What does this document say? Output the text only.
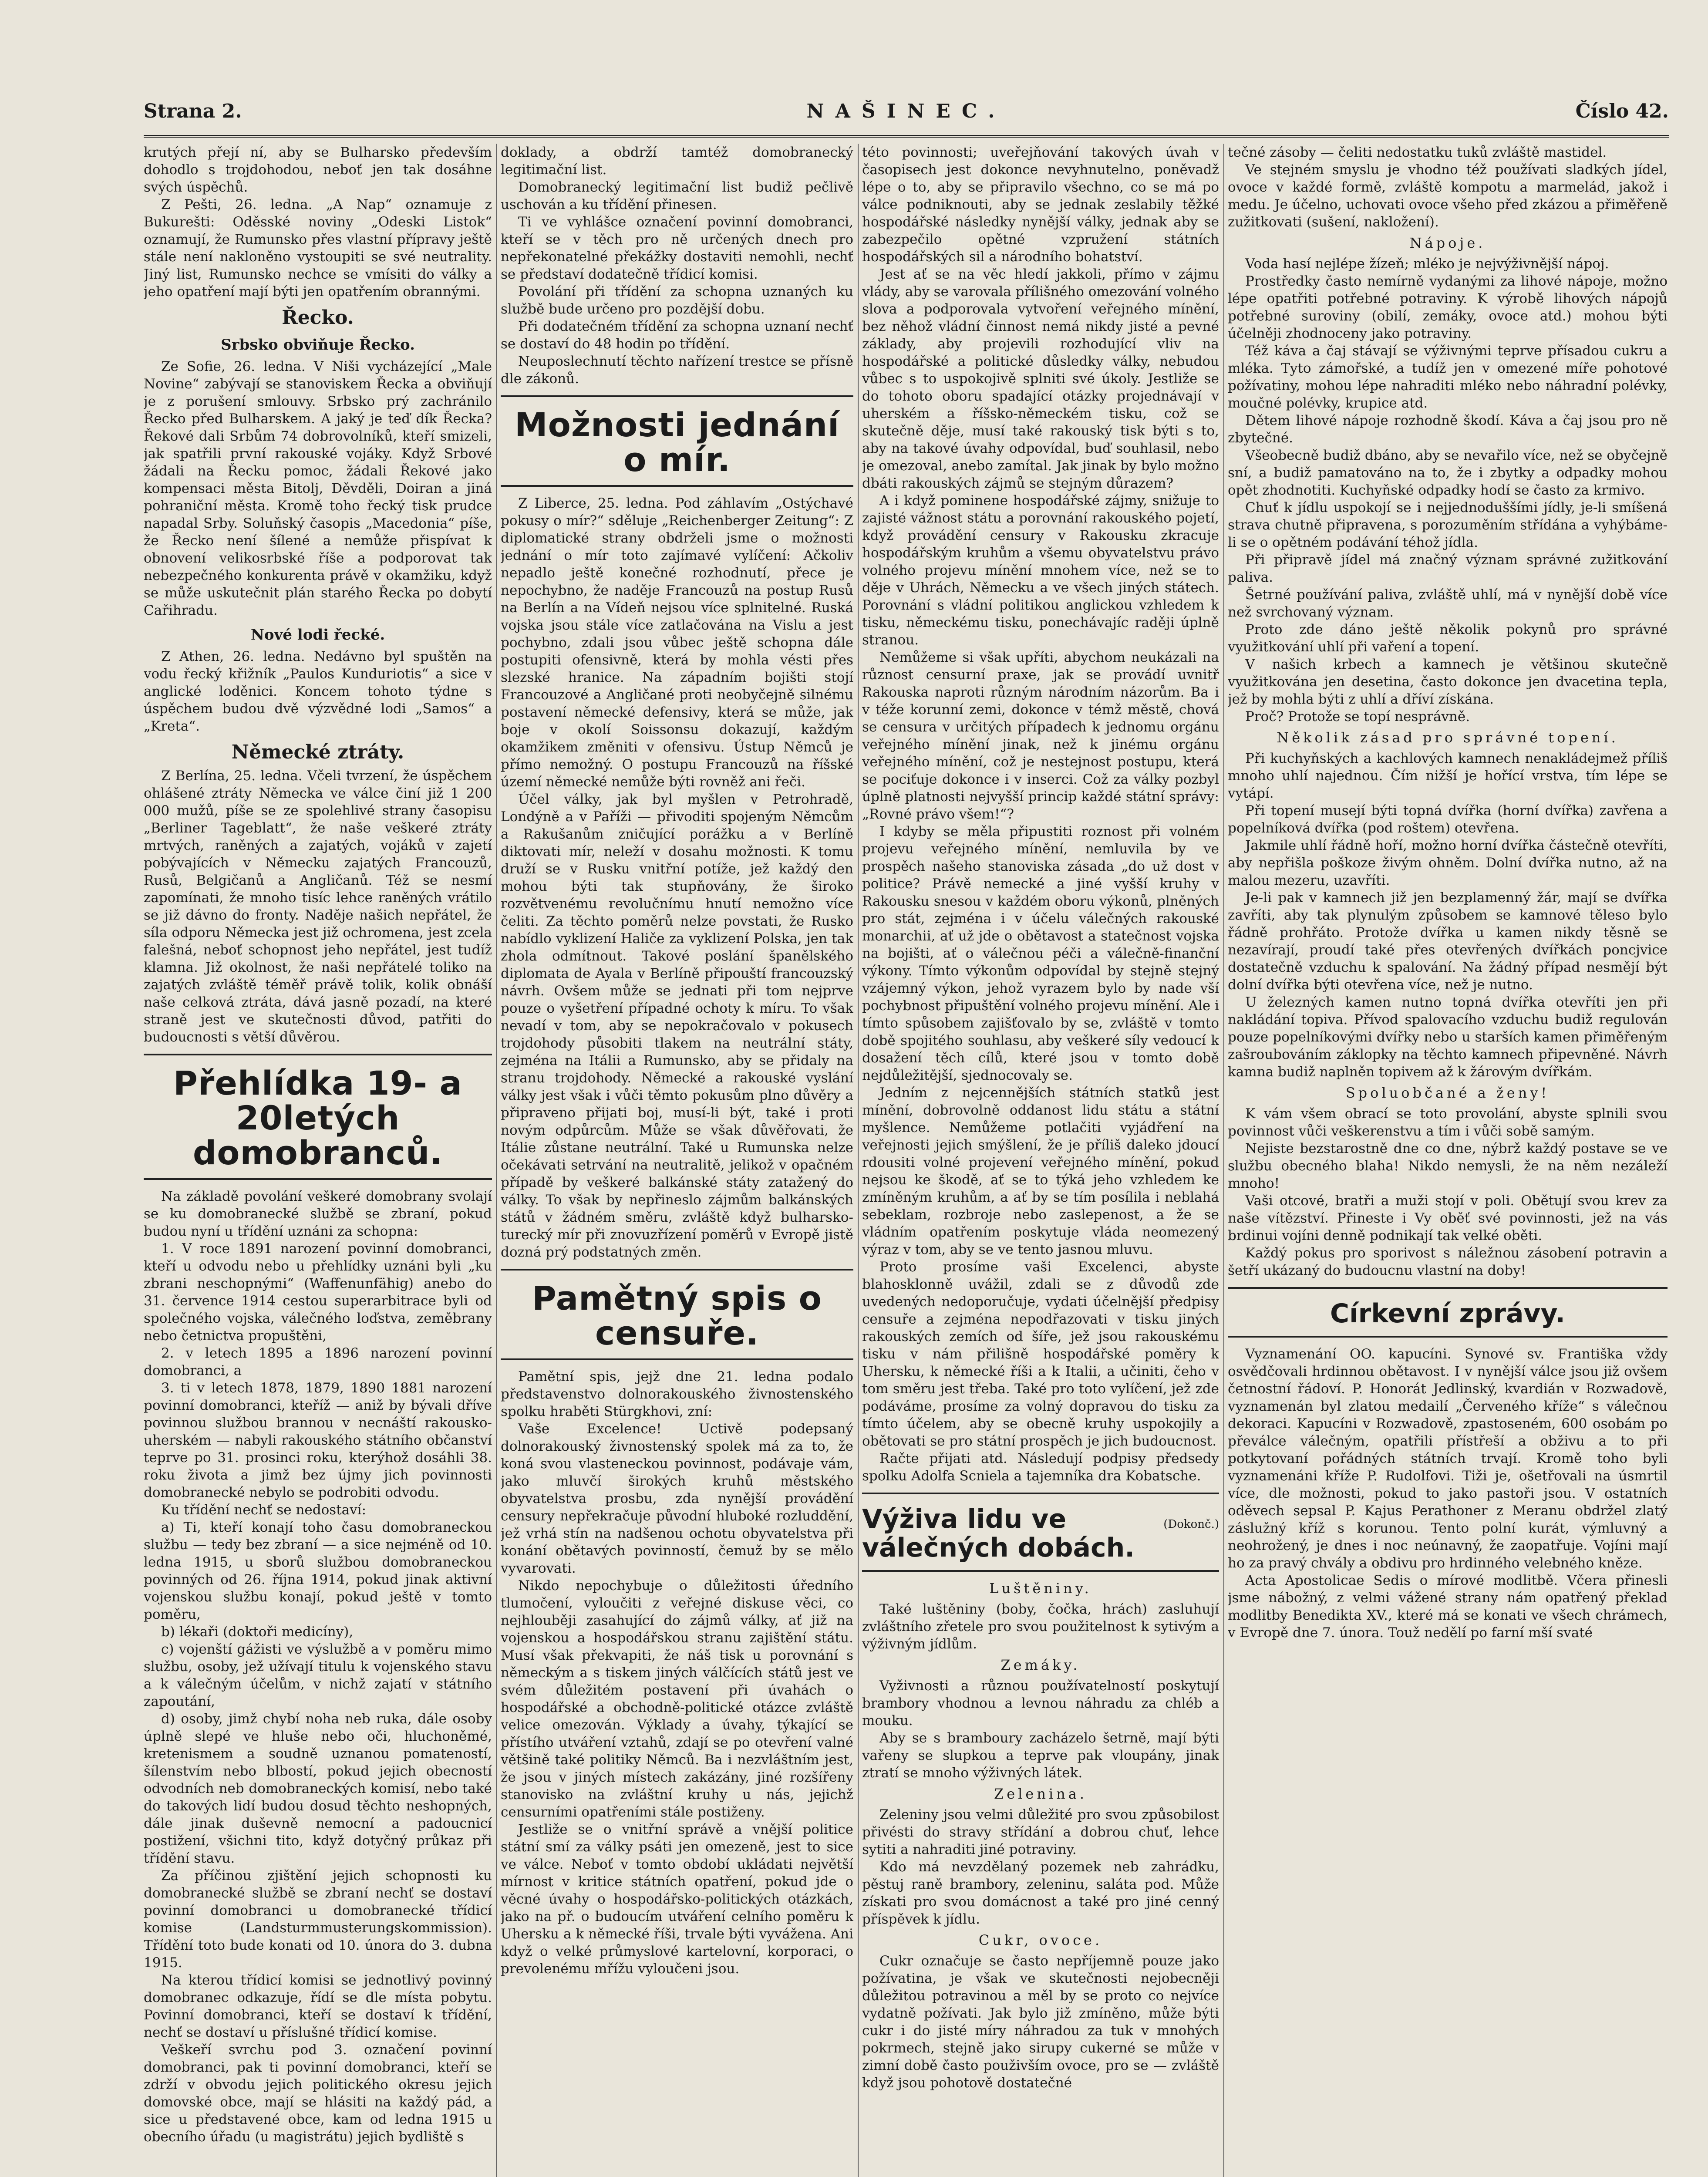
Strana 2.	NAŠINEC.	Číslo 42.

krutých přejí ní, aby se Bulharsko především dohodlo s trojdohodou, neboť jen tak dosáhne svých úspěchů.

Z Pešti, 26. ledna. „A Nap“ oznamuje z Bukurešti: Oděsské noviny „Odeski Listok“ oznamují, že Rumunsko přes vlastní přípravy ještě stále není nakloněno vystoupiti se své neutrality. Jiný list, Rumunsko nechce se vmísiti do války a jeho opatření mají býti jen opatřením obrannými.

Řecko.
Srbsko obviňuje Řecko.

Ze Sofie, 26. ledna. V Niši vycházející „Male Novine“ zabývají se stanoviskem Řecka a obviňují je z porušení smlouvy. Srbsko prý zachránilo Řecko před Bulharskem. A jaký je teď dík Řecka? Řekové dali Srbům 74 dobrovolníků, kteří smizeli, jak spatřili první rakouské vojáky. Když Srbové žádali na Řecku pomoc, žádali Řekové jako kompensaci města Bitolj, Děvděli, Doiran a jiná pohraniční města. Kromě toho řecký tisk prudce napadal Srby. Soluňský časopis „Macedonia“ píše, že Řecko není šílené a nemůže přispívat k obnovení velikosrbské říše a podporovat tak nebezpečného konkurenta právě v okamžiku, když se může uskutečnit plán starého Řecka po dobytí Cařihradu.

Nové lodi řecké.

Z Athen, 26. ledna. Nedávno byl spuštěn na vodu řecký křižník „Paulos Kunduriotis“ a sice v anglické loděnici. Koncem tohoto týdne s úspěchem budou dvě výzvědné lodi „Samos“ a „Kreta“.

Německé ztráty.

Z Berlína, 25. ledna. Včeli tvrzení, že úspěchem ohlášené ztráty Německa ve válce činí již 1 200 000 mužů, píše se ze spolehlivé strany časopisu „Berliner Tageblatt“, že naše veškeré ztráty mrtvých, raněných a zajatých, vojáků v zajetí pobývajících v Německu zajatých Francouzů, Rusů, Belgičanů a Angličanů. Též se nesmí zapomínati, že mnoho tisíc lehce raněných vrátilo se již dávno do fronty. Naděje našich nepřátel, že síla odporu Německa jest již ochromena, jest zcela falešná, neboť schopnost jeho nepřátel, jest tudíž klamna. Již okolnost, že naši nepřátelé toliko na zajatých zvláště téměř právě tolik, kolik obnáší naše celková ztráta, dává jasně pozadí, na které straně jest ve skutečnosti důvod, patřiti do budoucnosti s větší důvěrou.

Přehlídka 19- a 20letých domobranců.

Na základě povolání veškeré domobrany svolají se ku domobranecké službě se zbraní, pokud budou nyní u třídění uznáni za schopna:

1. V roce 1891 narození povinní domobranci, kteří u odvodu nebo u přehlídky uznáni byli „ku zbrani neschopnými“ (Waffenunfähig) anebo do 31. července 1914 cestou superarbitrace byli od společného vojska, válečného loďstva, zeměbrany nebo četnictva propuštěni,

2. v letech 1895 a 1896 narození povinní domobranci, a

3. ti v letech 1878, 1879, 1890 1881 narození povinní domobranci, kteříž — aniž by bývali dříve povinnou službou brannou v necnáští rakousko-uherském — nabyli rakouského státního občanství teprve po 31. prosinci roku, kterýhož dosáhli 38. roku života a jimž bez újmy jich povinnosti domobranecké nebylo se podrobiti odvodu.

Ku třídění nechť se nedostaví:

a) Ti, kteří konají toho času domobraneckou službu — tedy bez zbraní — a sice nejméně od 10. ledna 1915, u sborů službou domobraneckou povinných od 26. října 1914, pokud jinak aktivní vojenskou službu konají, pokud ještě v tomto poměru,

b) lékaři (doktoři medicíny),

c) vojenští gážisti ve výslužbě a v poměru mimo službu, osoby, jež užívají titulu k vojenského stavu a k válečným účelům, v nichž zajatí v státního zapoutání,

d) osoby, jimž chybí noha neb ruka, dále osoby úplně slepé ve hluše nebo oči, hluchoněmé, kretenismem a soudně uznanou pomateností, šílenstvím nebo blbostí, pokud jejich obecností odvodních neb domobraneckých komisí, nebo také do takových lidí budou dosud těchto neshopných, dále jinak duševně nemocní a padoucnicí postižení, všichni tito, když dotyčný průkaz při třídění stavu.

Za příčinou zjištění jejich schopnosti ku domobranecké službě se zbraní nechť se dostaví povinní domobranci u domobranecké třídicí komise (Landsturmmusterungskommission). Třídění toto bude konati od 10. února do 3. dubna 1915.

Na kterou třídicí komisi se jednotlivý povinný domobranec odkazuje, řídí se dle místa pobytu. Povinní domobranci, kteří se dostaví k třídění, nechť se dostaví u příslušné třídicí komise.

Veškeří svrchu pod 3. označení povinní domobranci, pak ti povinní domobranci, kteří se zdrží v obvodu jejich politického okresu jejich domovské obce, mají se hlásiti na každý pád, a sice u představené obce, kam od ledna 1915 u obecního úřadu (u magistrátu) jejich bydliště s

doklady, a obdrží tamtéž domobranecký legitimační list.

Domobranecký legitimační list budiž pečlivě uschován a ku třídění přinesen.

Ti ve vyhlášce označení povinní domobranci, kteří se v těch pro ně určených dnech pro nepřekonatelné překážky dostaviti nemohli, nechť se představí dodatečně třídicí komisi.

Povolání při třídění za schopna uznaných ku službě bude určeno pro pozdější dobu.

Při dodatečném třídění za schopna uznaní nechť se dostaví do 48 hodin po třídění.

Neuposlechnutí těchto nařízení trestce se přísně dle zákonů.

Možnosti jednání o mír.

Z Liberce, 25. ledna. Pod záhlavím „Ostýchavé pokusy o mír?“ sděluje „Reichenberger Zeitung“: Z diplomatické strany obdrželi jsme o možnosti jednání o mír toto zajímavé vylíčení: Ačkoliv nepadlo ještě konečné rozhodnutí, přece je nepochybno, že naděje Francouzů na postup Rusů na Berlín a na Vídeň nejsou více splnitelné. Ruská vojska jsou stále více zatlačována na Vislu a jest pochybno, zdali jsou vůbec ještě schopna dále postupiti ofensivně, která by mohla vésti přes slezské hranice. Na západním bojišti stojí Francouzové a Angličané proti neobyčejně silnému postavení německé defensivy, která se může, jak boje v okolí Soissonsu dokazují, každým okamžikem změniti v ofensivu. Ústup Němců je přímo nemožný. O postupu Francouzů na říšské území německé nemůže býti rovněž ani řeči.

Účel války, jak byl myšlen v Petrohradě, Londýně a v Paříži — přivoditi spojeným Němcům a Rakušanům zničující porážku a v Berlíně diktovati mír, neleží v dosahu možnosti. K tomu druží se v Rusku vnitřní potíže, jež každý den mohou býti tak stupňovány, že široko rozvětvenému revolučnímu hnutí nemožno více čeliti. Za těchto poměrů nelze povstati, že Rusko nabídlo vyklizení Haliče za vyklizení Polska, jen tak zhola odmítnout. Takové poslání španělského diplomata de Ayala v Berlíně připouští francouzský návrh. Ovšem může se jednati při tom nejprve pouze o vyšetření případné ochoty k míru. To však nevadí v tom, aby se nepokračovalo v pokusech trojdohody působiti tlakem na neutrální státy, zejména na Itálii a Rumunsko, aby se přidaly na stranu trojdohody. Německé a rakouské vyslání války jest však i vůči těmto pokusům plno důvěry a připraveno přijati boj, musí-li být, také i proti novým odpůrcům. Může se však důvěřovati, že Itálie zůstane neutrální. Také u Rumunska nelze očekávati setrvání na neutralitě, jelikož v opačném případě by veškeré balkánské státy zatažený do války. To však by nepřineslo zájmům balkánských států v žádném směru, zvláště když bulharsko-turecký mír při znovuzřízení poměrů v Evropě jistě dozná prý podstatných změn.

Pamětný spis o censuře.

Pamětní spis, jejž dne 21. ledna podalo představenstvo dolnorakouského živnostenského spolku hraběti Stürgkhovi, zní:

Vaše Excelence! Uctivě podepsaný dolnorakouský živnostenský spolek má za to, že koná svou vlasteneckou povinnost, podávaje vám, jako mluvčí širokých kruhů městského obyvatelstva prosbu, zda nynější provádění censury nepřekračuje původní hluboké rozluddění, jež vrhá stín na nadšenou ochotu obyvatelstva při konání obětavých povinností, čemuž by se mělo vyvarovati.

Nikdo nepochybuje o důležitosti úředního tlumočení, vyloučiti z veřejné diskuse věci, co nejhlouběji zasahující do zájmů války, ať již na vojenskou a hospodářskou stranu zajištění státu. Musí však překvapiti, že náš tisk u porovnání s německým a s tiskem jiných válčících států jest ve svém důležitém postavení při úvahách o hospodářské a obchodně-politické otázce zvláště velice omezován. Výklady a úvahy, týkající se přístího utváření vztahů, zdají se po otevření valné většině také politiky Němců. Ba i nezvláštním jest, že jsou v jiných místech zakázány, jiné rozšířeny stanovisko na zvláštní kruhy u nás, jejichž censurními opatřeními stále postiženy.

Jestliže se o vnitřní správě a vnější politice státní smí za války psáti jen omezeně, jest to sice ve válce. Neboť v tomto období ukládati největší mírnost v kritice státních opatření, pokud jde o věcné úvahy o hospodářsko-politických otázkách, jako na př. o budoucím utváření celního poměru k Uhersku a k německé říši, trvale býti vyvážena. Ani když o velké průmyslové kartelovní, korporaci, o prevolenému mřížu vyloučeni jsou.

této povinnosti; uveřejňování takových úvah v časopisech jest dokonce nevyhnutelno, poněvadž lépe o to, aby se připravilo všechno, co se má po válce podniknouti, aby se jednak zeslabily těžké hospodářské následky nynější války, jednak aby se zabezpečilo opětné vzpružení státních hospodářských sil a národního bohatství.

Jest ať se na věc hledí jakkoli, přímo v zájmu vlády, aby se varovala přílišného omezování volného slova a podporovala vytvoření veřejného mínění, bez něhož vládní činnost nemá nikdy jisté a pevné základy, aby projevili rozhodující vliv na hospodářské a politické důsledky války, nebudou vůbec s to uspokojivě splniti své úkoly. Jestliže se do tohoto oboru spadající otázky projednávají v uherském a říšsko-německém tisku, což se skutečně děje, musí také rakouský tisk býti s to, aby na takové úvahy odpovídal, buď souhlasil, nebo je omezoval, anebo zamítal. Jak jinak by bylo možno dbáti rakouských zájmů se stejným důrazem?

A i když pominene hospodářské zájmy, snižuje to zajisté vážnost státu a porovnání rakouského pojetí, když provádění censury v Rakousku zkracuje hospodářským kruhům a všemu obyvatelstvu právo volného projevu mínění mnohem více, než se to děje v Uhrách, Německu a ve všech jiných státech. Porovnání s vládní politikou anglickou vzhledem k tisku, německému tisku, ponechávajíc raději úplně stranou.

Nemůžeme si však upříti, abychom neukázali na různost censurní praxe, jak se provádí uvnitř Rakouska naproti různým národním názorům. Ba i v téže korunní zemi, dokonce v témž městě, chová se censura v určitých případech k jednomu orgánu veřejného mínění jinak, než k jinému orgánu veřejného mínění, což je nestejnost postupu, která se pociťuje dokonce i v inserci. Což za války pozbyl úplně platnosti nejvyšší princip každé státní správy: „Rovné právo všem!“?

I kdyby se měla připustiti roznost při volném projevu veřejného mínění, nemluvila by ve prospěch našeho stanoviska zásada „do už dost v politice? Právě nemecké a jiné vyšší kruhy v Rakousku snesou v každém oboru výkonů, plněných pro stát, zejména i v účelu válečných rakouské monarchii, ať už jde o obětavost a statečnost vojska na bojišti, ať o válečnou péči a válečně-finanční výkony. Tímto výkonům odpovídal by stejně stejný vzájemný výkon, jehož vyrazem bylo by nade vší pochybnost připuštění volného projevu mínění. Ale i tímto spůsobem zajišťovalo by se, zvláště v tomto době spojitého souhlasu, aby veškeré síly vedoucí k dosažení těch cílů, které jsou v tomto době nejdůležitější, sjednocovaly se.

Jedním z nejcennějších státních statků jest mínění, dobrovolně oddanost lidu státu a státní myšlence. Nemůžeme potlačiti vyjádření na veřejnosti jejich smýšlení, že je příliš daleko jdoucí rdousiti volné projevení veřejného mínění, pokud nejsou ke škodě, ať se to týká jeho vzhledem ke zmíněným kruhům, a ať by se tím posílila i neblahá sebeklam, rozbroje nebo zaslepenost, a že se vládním opatřením poskytuje vláda neomezený výraz v tom, aby se ve tento jasnou mluvu.

Proto prosíme vaši Excelenci, abyste blahosklonně uvážil, zdali se z důvodů zde uvedených nedoporučuje, vydati účelnější předpisy censuře a zejména nepodřazovati v tisku jiných rakouských zemích od šíře, jež jsou rakouskému tisku v nám přilišně hospodářské poměry k Uhersku, k německé říši a k Italii, a učiniti, čeho v tom směru jest třeba. Také pro toto vylíčení, jež zde podáváme, prosíme za volný dopravou do tisku za tímto účelem, aby se obecně kruhy uspokojily a obětovati se pro státní prospěch je jich budoucnost.

Račte přijati atd. Následují podpisy předsedy spolku Adolfa Scniela a tajemníka dra Kobatsche.

Výživa lidu ve válečných dobách.
(Dokonč.)
Luštěniny.

Také luštěniny (boby, čočka, hrách) zasluhují zvláštního zřetele pro svou použitelnost k sytivým a výživným jídlům.

Zemáky.

Vyživnosti a různou používatelností poskytují brambory vhodnou a levnou náhradu za chléb a mouku.

Aby se s bramboury zacházelo šetrně, mají býti vařeny se slupkou a teprve pak vloupány, jinak ztratí se mnoho výživných látek.

Zelenina.

Zeleniny jsou velmi důležité pro svou způsobilost přivésti do stravy střídání a dobrou chuť, lehce sytiti a nahraditi jiné potraviny.

Kdo má nevzdělaný pozemek neb zahrádku, pěstuj raně brambory, zeleninu, saláta pod. Může získati pro svou domácnost a také pro jiné cenný příspěvek k jídlu.

Cukr, ovoce.

Cukr označuje se často nepříjemně pouze jako požívatina, je však ve skutečnosti nejobecněji důležitou potravinou a měl by se proto co nejvíce vydatně požívati. Jak bylo již zmíněno, může býti cukr i do jisté míry náhradou za tuk v mnohých pokrmech, stejně jako sirupy cukerné se může v zimní době často použivším ovoce, pro se — zvláště když jsou pohotově dostatečné

tečné zásoby — čeliti nedostatku tuků zvláště mastidel.

Ve stejném smyslu je vhodno též používati sladkých jídel, ovoce v každé formě, zvláště kompotu a marmelád, jakož i medu. Je účelno, uchovati ovoce všeho před zkázou a přiměřeně zužitkovati (sušení, nakložení).

Nápoje.

Voda hasí nejlépe žízeň; mléko je nejvýživnější nápoj.

Prostředky často nemírně vydanými za lihové nápoje, možno lépe opatřiti potřebné potraviny. K výrobě lihových nápojů potřebné suroviny (obilí, zemáky, ovoce atd.) mohou býti účelněji zhodnoceny jako potraviny.

Též káva a čaj stávají se výživnými teprve přísadou cukru a mléka. Tyto zámořské, a tudíž jen v omezené míře pohotové požívatiny, mohou lépe nahraditi mléko nebo náhradní polévky, moučné polévky, krupice atd.

Dětem lihové nápoje rozhodně škodí. Káva a čaj jsou pro ně zbytečné.

Všeobecně budiž dbáno, aby se nevařilo více, než se obyčejně sní, a budiž pamatováno na to, že i zbytky a odpadky mohou opět zhodnotiti. Kuchyňské odpadky hodí se často za krmivo.

Chuť k jídlu uspokojí se i nejjednoduššími jídly, je-li smíšená strava chutně připravena, s porozuměním střídána a vyhýbáme-li se o opětném podávání téhož jídla.

Při připravě jídel má značný význam správné zužitkování paliva.

Šetrné používání paliva, zvláště uhlí, má v nynější době více než svrchovaný význam.

Proto zde dáno ještě několik pokynů pro správné využitkování uhlí při vaření a topení.

V našich krbech a kamnech je většinou skutečně využitkována jen desetina, často dokonce jen dvacetina tepla, jež by mohla býti z uhlí a dříví získána.

Proč? Protože se topí nesprávně.

Několik zásad pro správné topení.

Při kuchyňských a kachlových kamnech nenakládejmež příliš mnoho uhlí najednou. Čím nižší je hořící vrstva, tím lépe se vytápí.

Při topení musejí býti topná dvířka (horní dvířka) zavřena a popelníková dvířka (pod roštem) otevřena.

Jakmile uhlí řádně hoří, možno horní dvířka částečně otevříti, aby nepřišla poškoze živým ohněm. Dolní dvířka nutno, až na malou mezeru, uzavříti.

Je-li pak v kamnech již jen bezplamenný žár, mají se dvířka zavříti, aby tak plynulým způsobem se kamnové těleso bylo řádně prohřáto. Protože dvířka u kamen nikdy těsně se nezavírají, proudí také přes otevřených dvířkách poncjvice dostatečně vzduchu k spalování. Na žádný případ nesmějí být dolní dvířka býti otevřena více, než je nutno.

U železných kamen nutno topná dvířka otevříti jen při nakládání topiva. Přívod spalovacího vzduchu budiž regulován pouze popelníkovými dvířky nebo u starších kamen přiměřeným zašroubováním záklopky na těchto kamnech připevněné. Návrh kamna budiž naplněn topivem až k žárovým dvířkám.

Spoluobčané a ženy!

K vám všem obrací se toto provolání, abyste splnili svou povinnost vůči veškerenstvu a tím i vůči sobě samým.

Nejiste bezstarostně dne co dne, nýbrž každý postave se ve službu obecného blaha! Nikdo nemysli, že na něm nezáleží mnoho!

Vaši otcové, bratři a muži stojí v poli. Obětují svou krev za naše vítězství. Přineste i Vy oběť své povinnosti, jež na vás brdinui vojíni denně podnikají tak velké oběti.

Každý pokus pro sporivost s náležnou zásobení potravin a šetří ukázaný do budoucnu vlastní na doby!

Církevní zprávy.

Vyznamenání OO. kapucíni. Synové sv. Františka vždy osvědčovali hrdinnou obětavost. I v nynější válce jsou již ovšem četnostní řádoví. P. Honorát Jedlinský, kvardián v Rozwadově, vyznamenán byl zlatou medailí „Červeného kříže“ s válečnou dekoraci. Kapucíni v Rozwadově, zpastoseném, 600 osobám po převálce válečným, opatřili přístřeší a obživu a to při potkytovaní pořádných státních trvají. Kromě toho byli vyznamenáni kříže P. Rudolfovi. Tiži je, ošetřovali na úsmrtil více, dle možnosti, pokud to jako pastoři jsou. V ostatních oděvech sepsal P. Kajus Perathoner z Meranu obdržel zlatý záslužný kříž s korunou. Tento polní kurát, výmluvný a neohrožený, je dnes i noc neúnavný, že zaopatřuje. Vojíni mají ho za pravý chvály a obdivu pro hrdinného velebného kněze.

Acta Apostolicae Sedis o mírové modlitbě. Včera přinesli jsme nábožný, z velmi vážené strany nám opatřený překlad modlitby Benedikta XV., které má se konati ve všech chrámech, v Evropě dne 7. února. Touž nedělí po farní mší svaté
